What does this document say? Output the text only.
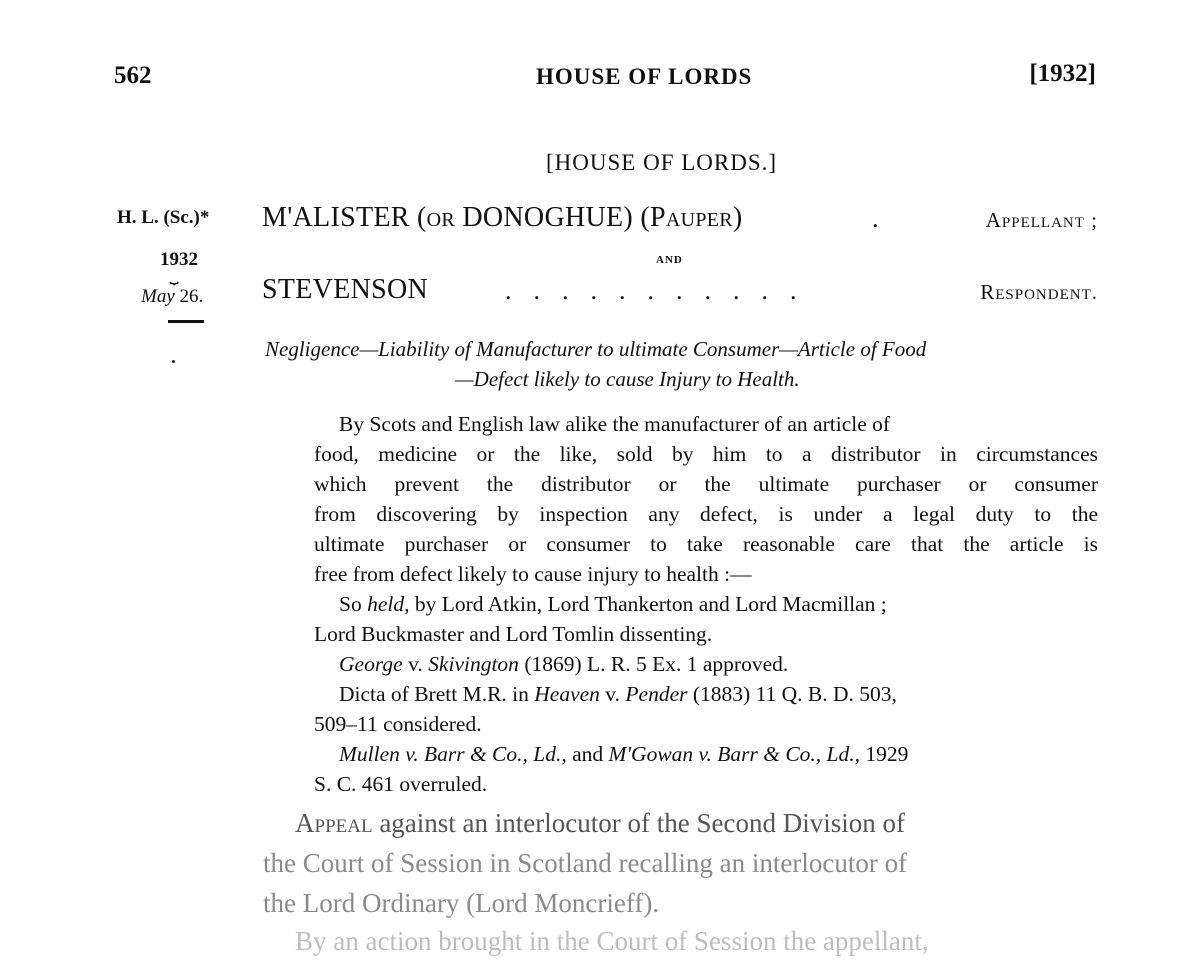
562	HOUSE OF LORDS	[1932]
[HOUSE OF LORDS.]
H. L. (Sc.)*
1932
⏟
May 26.
M'ALISTER (or DONOGHUE) (Pauper)	.	Appellant ;
and
STEVENSON	...........	Respondent.
Negligence—Liability of Manufacturer to ultimate Consumer—Article of Food
—Defect likely to cause Injury to Health.
By Scots and English law alike the manufacturer of an article of
food, medicine or the like, sold by him to a distributor in circumstances
which prevent the distributor or the ultimate purchaser or consumer
from discovering by inspection any defect, is under a legal duty to the
ultimate purchaser or consumer to take reasonable care that the article is
free from defect likely to cause injury to health :—
So held, by Lord Atkin, Lord Thankerton and Lord Macmillan ;
Lord Buckmaster and Lord Tomlin dissenting.
George v. Skivington (1869) L. R. 5 Ex. 1 approved.
Dicta of Brett M.R. in Heaven v. Pender (1883) 11 Q. B. D. 503,
509–11 considered.
Mullen v. Barr & Co., Ld., and M'Gowan v. Barr & Co., Ld., 1929
S. C. 461 overruled.
Appeal against an interlocutor of the Second Division of
the Court of Session in Scotland recalling an interlocutor of
the Lord Ordinary (Lord Moncrieff).
By an action brought in the Court of Session the appellant,
